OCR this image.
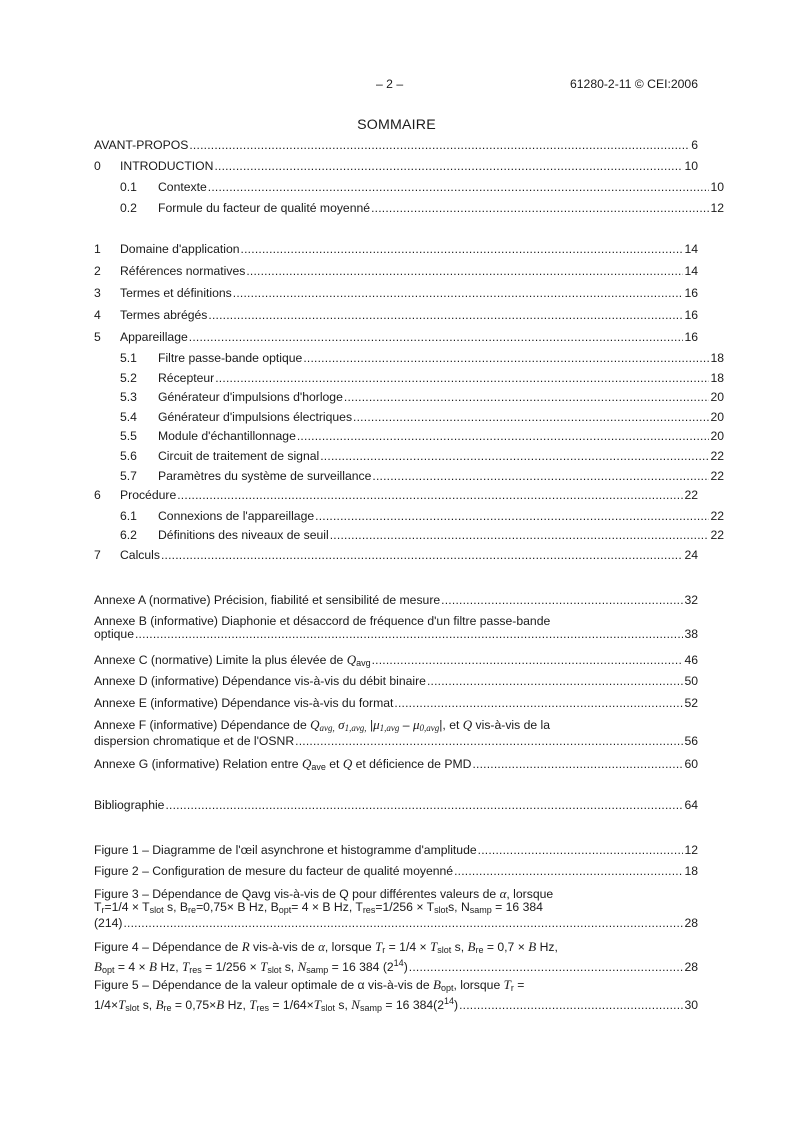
– 2 –	61280-2-11 © CEI:2006
SOMMAIRE
AVANT-PROPOS . . .	6
0	INTRODUCTION . . .	10
0.1	Contexte . . .	10
0.2	Formule du facteur de qualité moyenné . . .	12
1	Domaine d'application . . .	14
2	Références normatives . . .	14
3	Termes et définitions . . .	16
4	Termes abrégés . . .	16
5	Appareillage . . .	16
5.1	Filtre passe-bande optique . . .	18
5.2	Récepteur . . .	18
5.3	Générateur d'impulsions d'horloge . . .	20
5.4	Générateur d'impulsions électriques . . .	20
5.5	Module d'échantillonnage . . .	20
5.6	Circuit de traitement de signal . . .	22
5.7	Paramètres du système de surveillance . . .	22
6	Procédure . . .	22
6.1	Connexions de l'appareillage . . .	22
6.2	Définitions des niveaux de seuil . . .	22
7	Calculs . . .	24
Annexe A (normative) Précision, fiabilité et sensibilité de mesure . . .	32
Annexe B (informative) Diaphonie et désaccord de fréquence d'un filtre passe-bande
optique . . .	38
Annexe C (normative) Limite la plus élevée de Qavg . . .	46
Annexe D (informative) Dépendance vis-à-vis du débit binaire . . .	50
Annexe E (informative) Dépendance vis-à-vis du format . . .	52
Annexe F (informative) Dépendance de Qavg, σ1,avg, |μ1,avg – μ0,avg|, et Q vis-à-vis de la
dispersion chromatique et de l'OSNR . . .	56
Annexe G (informative) Relation entre Qave et Q et déficience de PMD . . .	60
Bibliographie . . .	64
Figure 1 – Diagramme de l'œil asynchrone et histogramme d'amplitude . . .	12
Figure 2 – Configuration de mesure du facteur de qualité moyenné . . .	18
Figure 3 – Dépendance de Qavg vis-à-vis de Q pour différentes valeurs de α, lorsque
Tr=1/4 × Tslot s, Bre=0,75× B Hz, Bopt= 4 × B Hz, Tres=1/256 × Tslots, Nsamp = 16 384
(214) . . .	28
Figure 4 – Dépendance de R vis-à-vis de α, lorsque Tr = 1/4 × Tslot s, Bre = 0,7 × B Hz,
Bopt = 4 × B Hz, Tres = 1/256 × Tslot s, Nsamp = 16 384 $(2^{14})$ . . .	28
Figure 5 – Dépendance de la valeur optimale de α vis-à-vis de Bopt, lorsque Tr =
1/4×Tslot s, Bre = 0,75×B Hz, Tres = 1/64×Tslot s, Nsamp = 16 $384(2^{14})$ . . .	30
